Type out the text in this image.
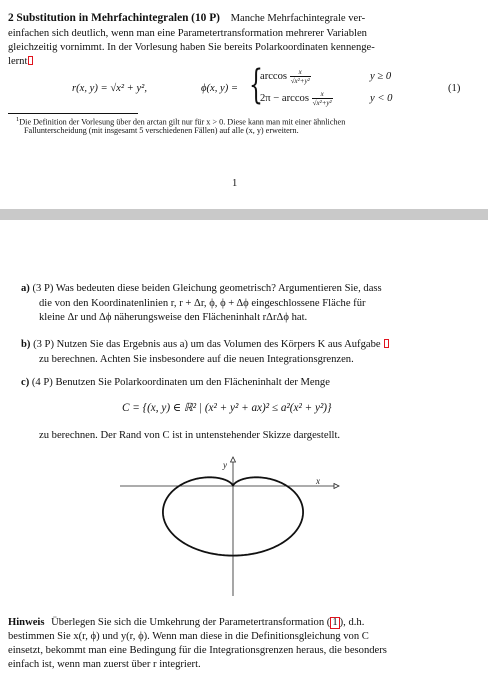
2 Substitution in Mehrfachintegralen (10 P) Manche Mehrfachintegrale ver-
einfachen sich deutlich, wenn man eine Parametertransformation mehrerer Variablen
gleichzeitig vornimmt. In der Vorlesung haben Sie bereits Polarkoordinaten kennenge-
lernt
r(x, y) = √x² + y²,	ϕ(x, y) = {
$\arccos \frac{x}{\text{√x²+y²}}$	y ≥ 0
$2\pi - \arccos \frac{x}{\text{√x²+y²}}$	y < 0
(1)
$^1$Die Definition der Vorlesung über den arctan gilt nur für x > 0. Diese kann man mit einer ähnlichen
Fallunterscheidung (mit insgesamt 5 verschiedenen Fällen) auf alle (x, y) erweitern.
1
a) (3 P) Was bedeuten diese beiden Gleichung geometrisch? Argumentieren Sie, dass
die von den Koordinatenlinien r, r + Δr, ϕ, ϕ + Δϕ eingeschlossene Fläche für
kleine Δr und Δϕ näherungsweise den Flächeninhalt rΔrΔϕ hat.
b) (3 P) Nutzen Sie das Ergebnis aus a) um das Volumen des Körpers K aus Aufgabe
zu berechnen. Achten Sie insbesondere auf die neuen Integrationsgrenzen.
c) (4 P) Benutzen Sie Polarkoordinaten um den Flächeninhalt der Menge
C = {(x, y) ∈ ℝ² | (x² + y² + ax)² ≤ a²(x² + y²)}
zu berechnen. Der Rand von C ist in untenstehender Skizze dargestellt.
y
x
Hinweis Überlegen Sie sich die Umkehrung der Parametertransformation ( 1 ), d.h.
bestimmen Sie x(r, ϕ) und y(r, ϕ). Wenn man diese in die Definitionsgleichung von C
einsetzt, bekommt man eine Bedingung für die Integrationsgrenzen heraus, die besonders
einfach ist, wenn man zuerst über r integriert.
